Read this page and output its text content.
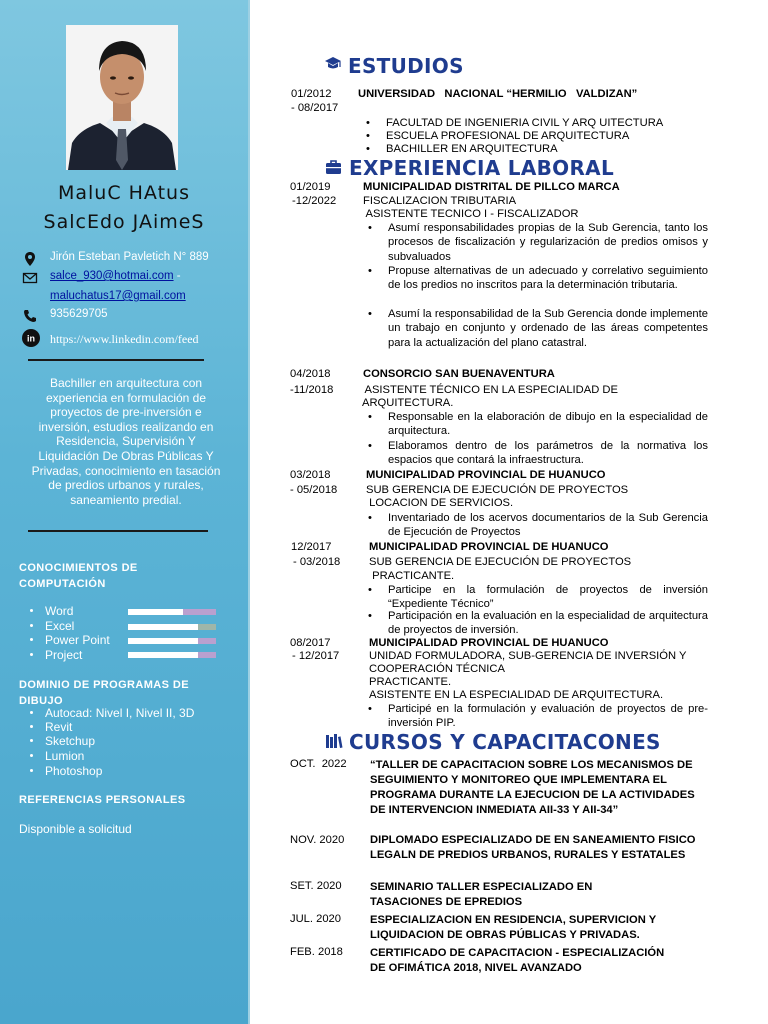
MaluC HAtus
SalcEdo JAimeS
Jirón Esteban Pavletich N° 889
salce_930@hotmai.com -
maluchatus17@gmail.com
935629705
in https://www.linkedin.com/feed
Bachiller en arquitectura con experiencia en formulación de proyectos de pre-inversión e inversión, estudios realizando en Residencia, Supervisión Y Liquidación De Obras Públicas Y Privadas, conocimiento en tasación de predios urbanos y rurales, saneamiento predial.
CONOCIMIENTOS DE COMPUTACIÓN
Word
Excel
Power Point
Project
DOMINIO DE PROGRAMAS DE DIBUJO
Autocad: Nivel I, Nivel II, 3D
Revit
Sketchup
Lumion
Photoshop
REFERENCIAS PERSONALES
Disponible a solicitud
ESTUDIOS
01/2012
- 08/2017
UNIVERSIDAD   NACIONAL “HERMILIO   VALDIZAN”
• FACULTAD DE INGENIERIA CIVIL Y ARQ UITECTURA
• ESCUELA PROFESIONAL DE ARQUITECTURA
• BACHILLER EN ARQUITECTURA
EXPERIENCIA LABORAL
01/2019
-12/2022
MUNICIPALIDAD DISTRITAL DE PILLCO MARCA
FISCALIZACION TRIBUTARIA
ASISTENTE TECNICO I - FISCALIZADOR
• Asumí responsabilidades propias de la Sub Gerencia, tanto los procesos de fiscalización y regularización de predios omisos y subvaluados
• Propuse alternativas de un adecuado y correlativo seguimiento de los predios no inscritos para la determinación tributaria.
• Asumí la responsabilidad de la Sub Gerencia donde implemente un trabajo en conjunto y ordenado de las áreas competentes para la actualización del plano catastral.
04/2018
-11/2018
CONSORCIO SAN BUENAVENTURA
ASISTENTE TÉCNICO EN LA ESPECIALIDAD DE
ARQUITECTURA.
• Responsable en la elaboración de dibujo en la especialidad de arquitectura.
• Elaboramos dentro de los parámetros de la normativa los espacios que contará la infraestructura.
03/2018
- 05/2018
MUNICIPALIDAD PROVINCIAL DE HUANUCO
SUB GERENCIA DE EJECUCIÓN DE PROYECTOS
LOCACION DE SERVICIOS.
• Inventariado de los acervos documentarios de la Sub Gerencia de Ejecución de Proyectos
12/2017
- 03/2018
MUNICIPALIDAD PROVINCIAL DE HUANUCO
SUB GERENCIA DE EJECUCIÓN DE PROYECTOS
PRACTICANTE.
• Participe en la formulación de proyectos de inversión “Expediente Técnico”
• Participación en la evaluación en la especialidad de arquitectura de proyectos de inversión.
08/2017
- 12/2017
MUNICIPALIDAD PROVINCIAL DE HUANUCO
UNIDAD FORMULADORA, SUB-GERENCIA DE INVERSIÓN Y
COOPERACIÓN TÉCNICA
PRACTICANTE.
ASISTENTE EN LA ESPECIALIDAD DE ARQUITECTURA.
• Participé en la formulación y evaluación de proyectos de pre- inversión PIP.
CURSOS Y CAPACITACONES
OCT.  2022 “TALLER DE CAPACITACION SOBRE LOS MECANISMOS DE SEGUIMIENTO Y MONITOREO QUE IMPLEMENTARA EL PROGRAMA DURANTE LA EJECUCION DE LA ACTIVIDADES DE INTERVENCION INMEDIATA AII-33 Y AII-34”
NOV. 2020 DIPLOMADO ESPECIALIZADO DE EN SANEAMIENTO FISICO LEGALN DE PREDIOS URBANOS, RURALES Y ESTATALES
SET. 2020	SEMINARIO TALLER ESPECIALIZADO EN TASACIONES DE EPREDIOS
JUL. 2020	ESPECIALIZACION EN RESIDENCIA, SUPERVICION Y LIQUIDACION DE OBRAS PÚBLICAS Y PRIVADAS.
FEB. 2018 CERTIFICADO DE CAPACITACION - ESPECIALIZACIÓN DE OFIMÁTICA 2018, NIVEL AVANZADO
